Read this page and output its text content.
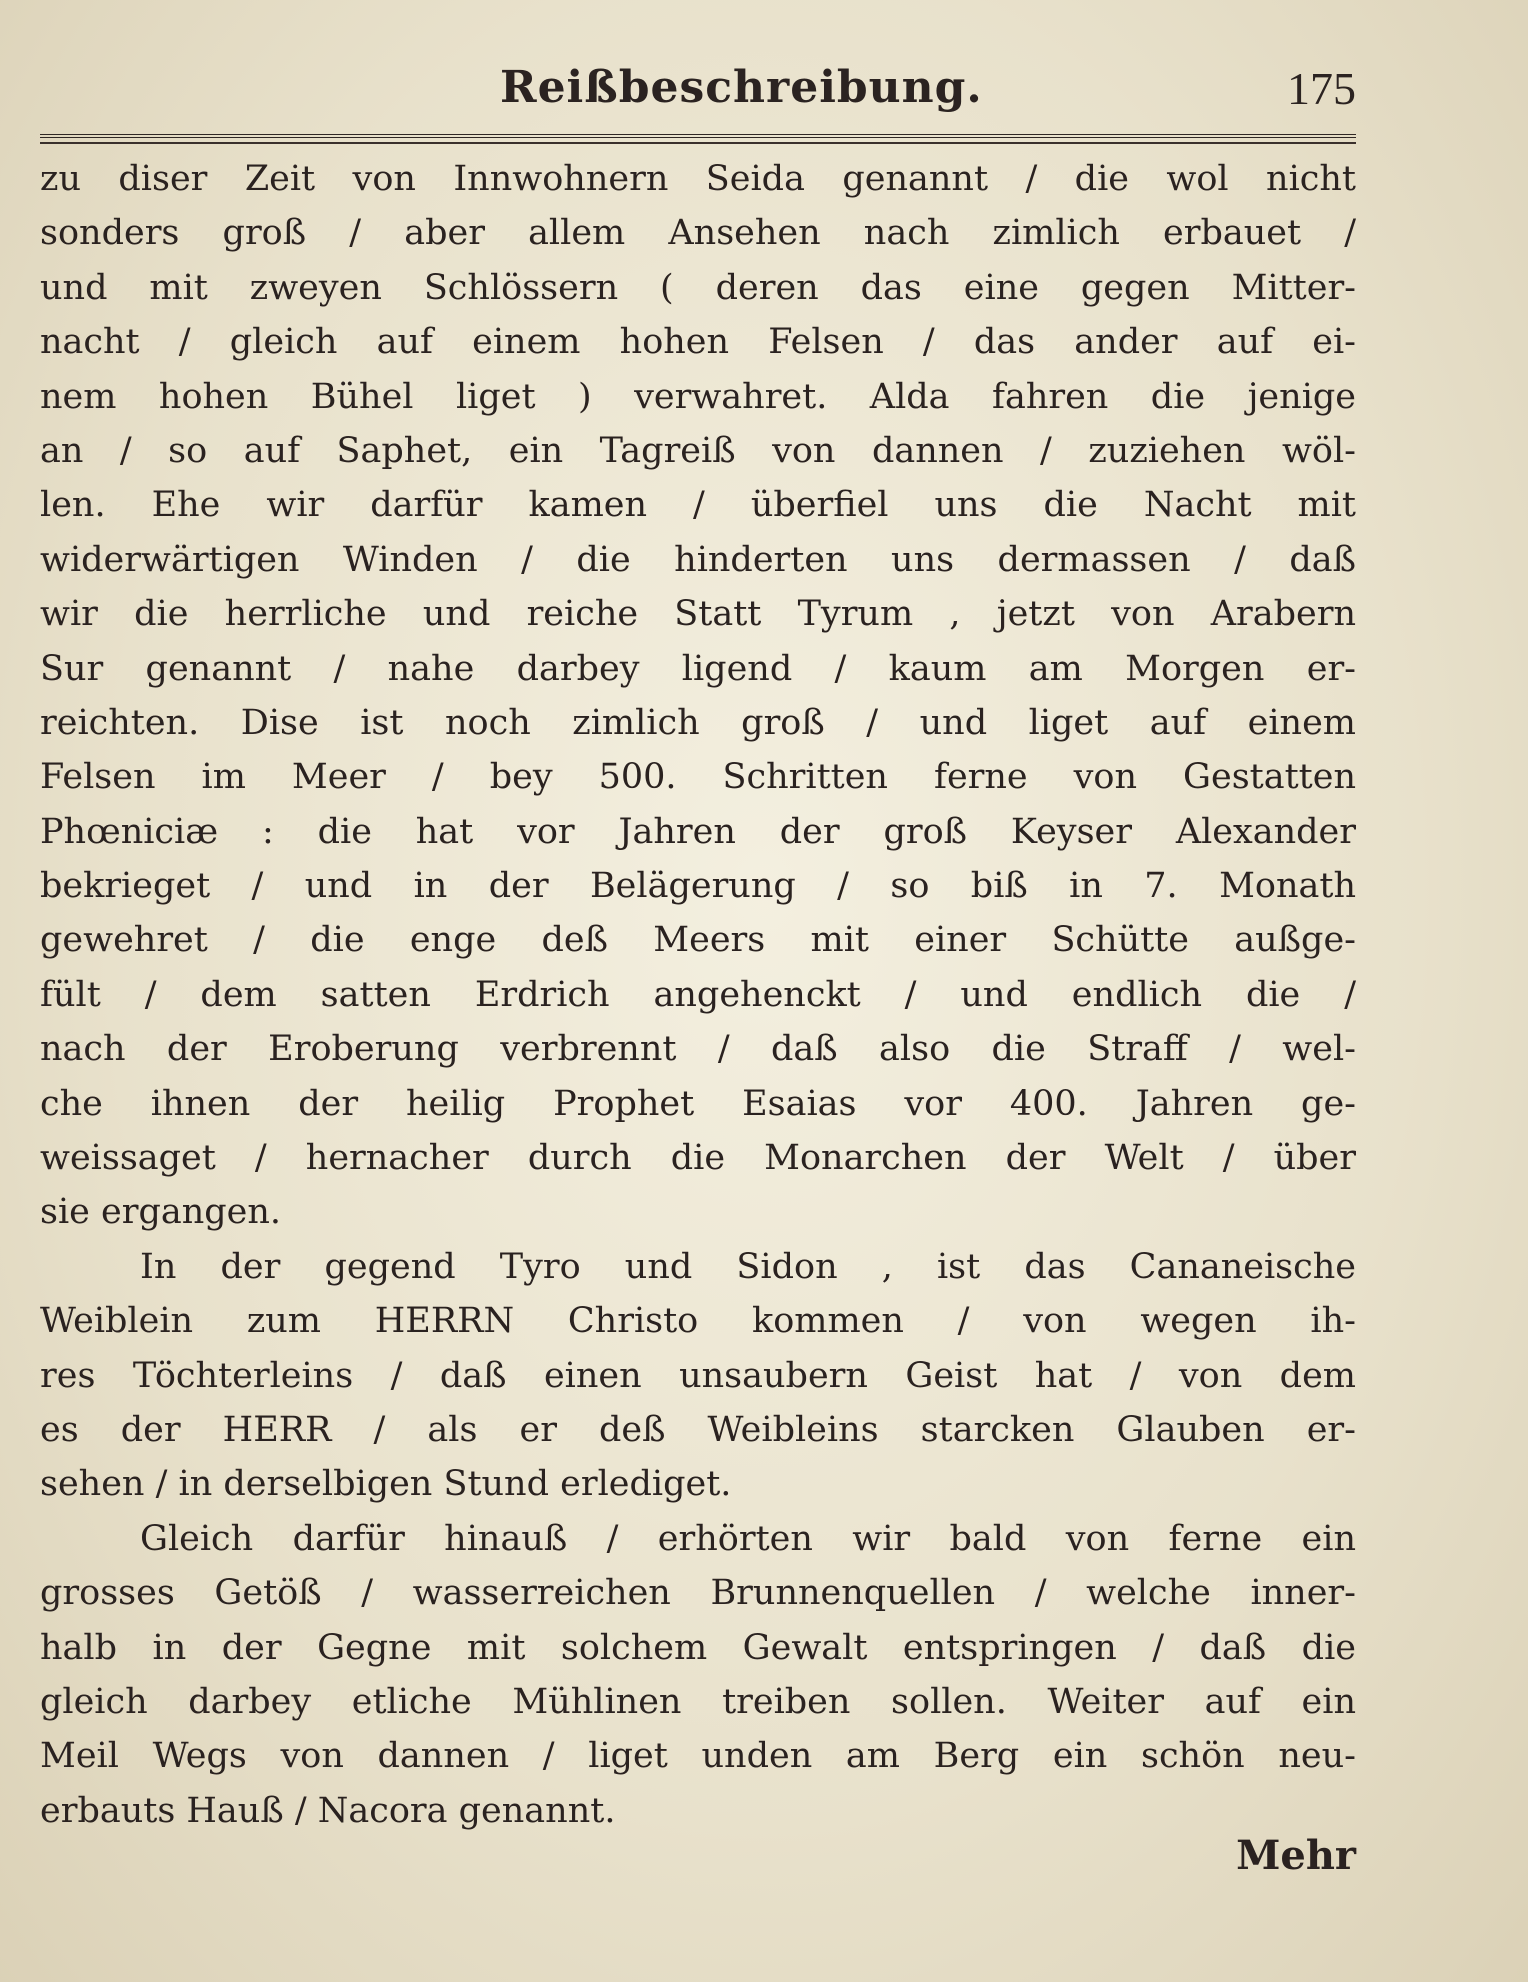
Reißbeschreibung.	175
zu diser Zeit von Innwohnern Seida genannt / die wol nicht
sonders groß / aber allem Ansehen nach zimlich erbauet /
und mit zweyen Schlössern ( deren das eine gegen Mitter-
nacht / gleich auf einem hohen Felsen / das ander auf ei-
nem hohen Bühel liget ) verwahret. Alda fahren die jenige
an / so auf Saphet, ein Tagreiß von dannen / zuziehen wöl-
len. Ehe wir darfür kamen / überfiel uns die Nacht mit
widerwärtigen Winden / die hinderten uns dermassen / daß
wir die herrliche und reiche Statt Tyrum , jetzt von Arabern
Sur genannt / nahe darbey ligend / kaum am Morgen er-
reichten. Dise ist noch zimlich groß / und liget auf einem
Felsen im Meer / bey 500. Schritten ferne von Gestatten
Phœniciæ : die hat vor Jahren der groß Keyser Alexander
bekrieget / und in der Belägerung / so biß in 7. Monath
gewehret / die enge deß Meers mit einer Schütte außge-
fült / dem satten Erdrich angehenckt / und endlich die /
nach der Eroberung verbrennt / daß also die Straff / wel-
che ihnen der heilig Prophet Esaias vor 400. Jahren ge-
weissaget / hernacher durch die Monarchen der Welt / über
sie ergangen.
In der gegend Tyro und Sidon , ist das Cananeische
Weiblein zum HERRN Christo kommen / von wegen ih-
res Töchterleins / daß einen unsaubern Geist hat / von dem
es der HERR / als er deß Weibleins starcken Glauben er-
sehen / in derselbigen Stund erlediget.
Gleich darfür hinauß / erhörten wir bald von ferne ein
grosses Getöß / wasserreichen Brunnenquellen / welche inner-
halb in der Gegne mit solchem Gewalt entspringen / daß die
gleich darbey etliche Mühlinen treiben sollen. Weiter auf ein
Meil Wegs von dannen / liget unden am Berg ein schön neu-
erbauts Hauß / Nacora genannt.
Mehr
